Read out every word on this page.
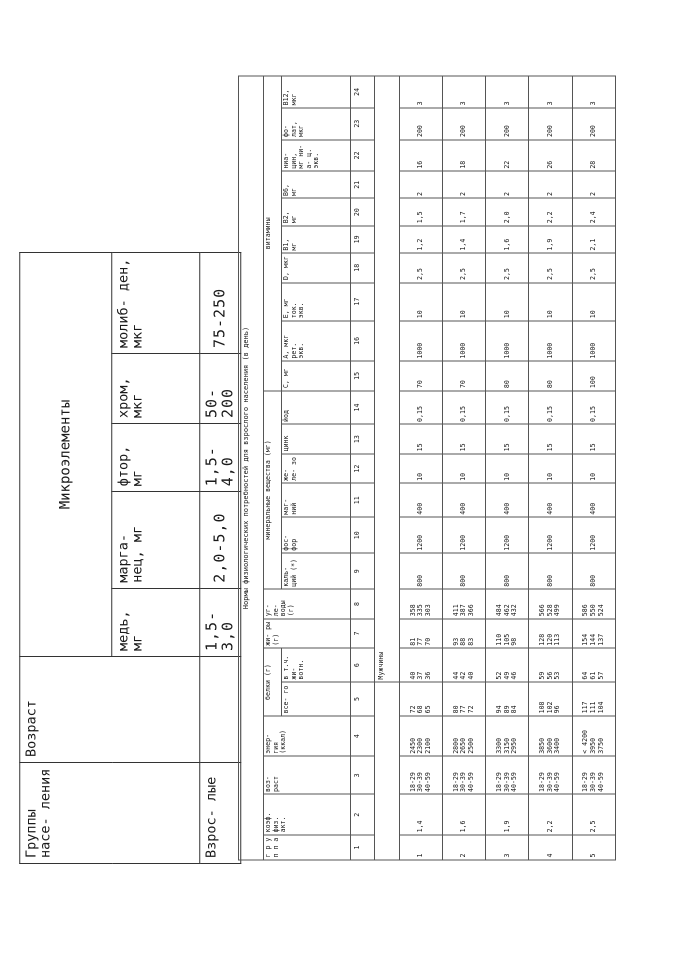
Группы насе- ления	Возраст	Микроэлементы				
		медь, мг	марга- нец, мг	фтор, мг	хром, мкг	молиб- ден, мкг
Взрос- лые		1,5-3,0	2,0-5,0	1,5-4,0	50-200	75-250
Нормы физиологических потребностей для взрослого населения (в день)																							
г р у п п а	коэф. физ. акт.	воз- раст	энер- гия (ккал)	белки (г)		жи- ры (г)	уг- ле- воды (г)	минеральные вещества (мг)						витамины									
				все- го	в т.ч. жи- вотн.			каль- ций (*)	фос- фор	маг- ний	же- ле- зо	цинк	йод	C, мг	A, мкг рет. экв.	E, мг ток. экв.	D, мкг	B1, мг	B2, мг	B6, мг	ниа- цин, мг ни- а- ц. экв.	фо- лат, мкг	B12, мкг
1	2	3	4	5	6	7	8	9	10	11	12	13	14	15	16	17	18	19	20	21	22	23	24
					Мужчины																		
1	1,4	18-29 30-39 40-59	2450 2300 2100	72 68 65	40 37 36	81 77 70	358 335 303	800	1200	400	10	15	0,15	70	1000	10	2,5	1,2	1,5	2	16	200	3
2	1,6	18-29 30-39 40-59	2800 2650 2500	80 77 72	44 42 40	93 88 83	411 387 366	800	1200	400	10	15	0,15	70	1000	10	2,5	1,4	1,7	2	18	200	3
3	1,9	18-29 30-39 40-59	3300 3150 2950	94 89 84	52 49 46	110 105 98	484 462 432	800	1200	400	10	15	0,15	80	1000	10	2,5	1,6	2,0	2	22	200	3
4	2,2	18-29 30-39 40-59	3850 3600 3400	108 102 96	59 56 53	128 120 113	566 528 499	800	1200	400	10	15	0,15	80	1000	10	2,5	1,9	2,2	2	26	200	3
5	2,5	18-29 30-39 40-59	< 4200 3950 3750	117 111 104	64 61 57	154 144 137	586 550 524	800	1200	400	10	15	0,15	100	1000	10	2,5	2,1	2,4	2	28	200	3
